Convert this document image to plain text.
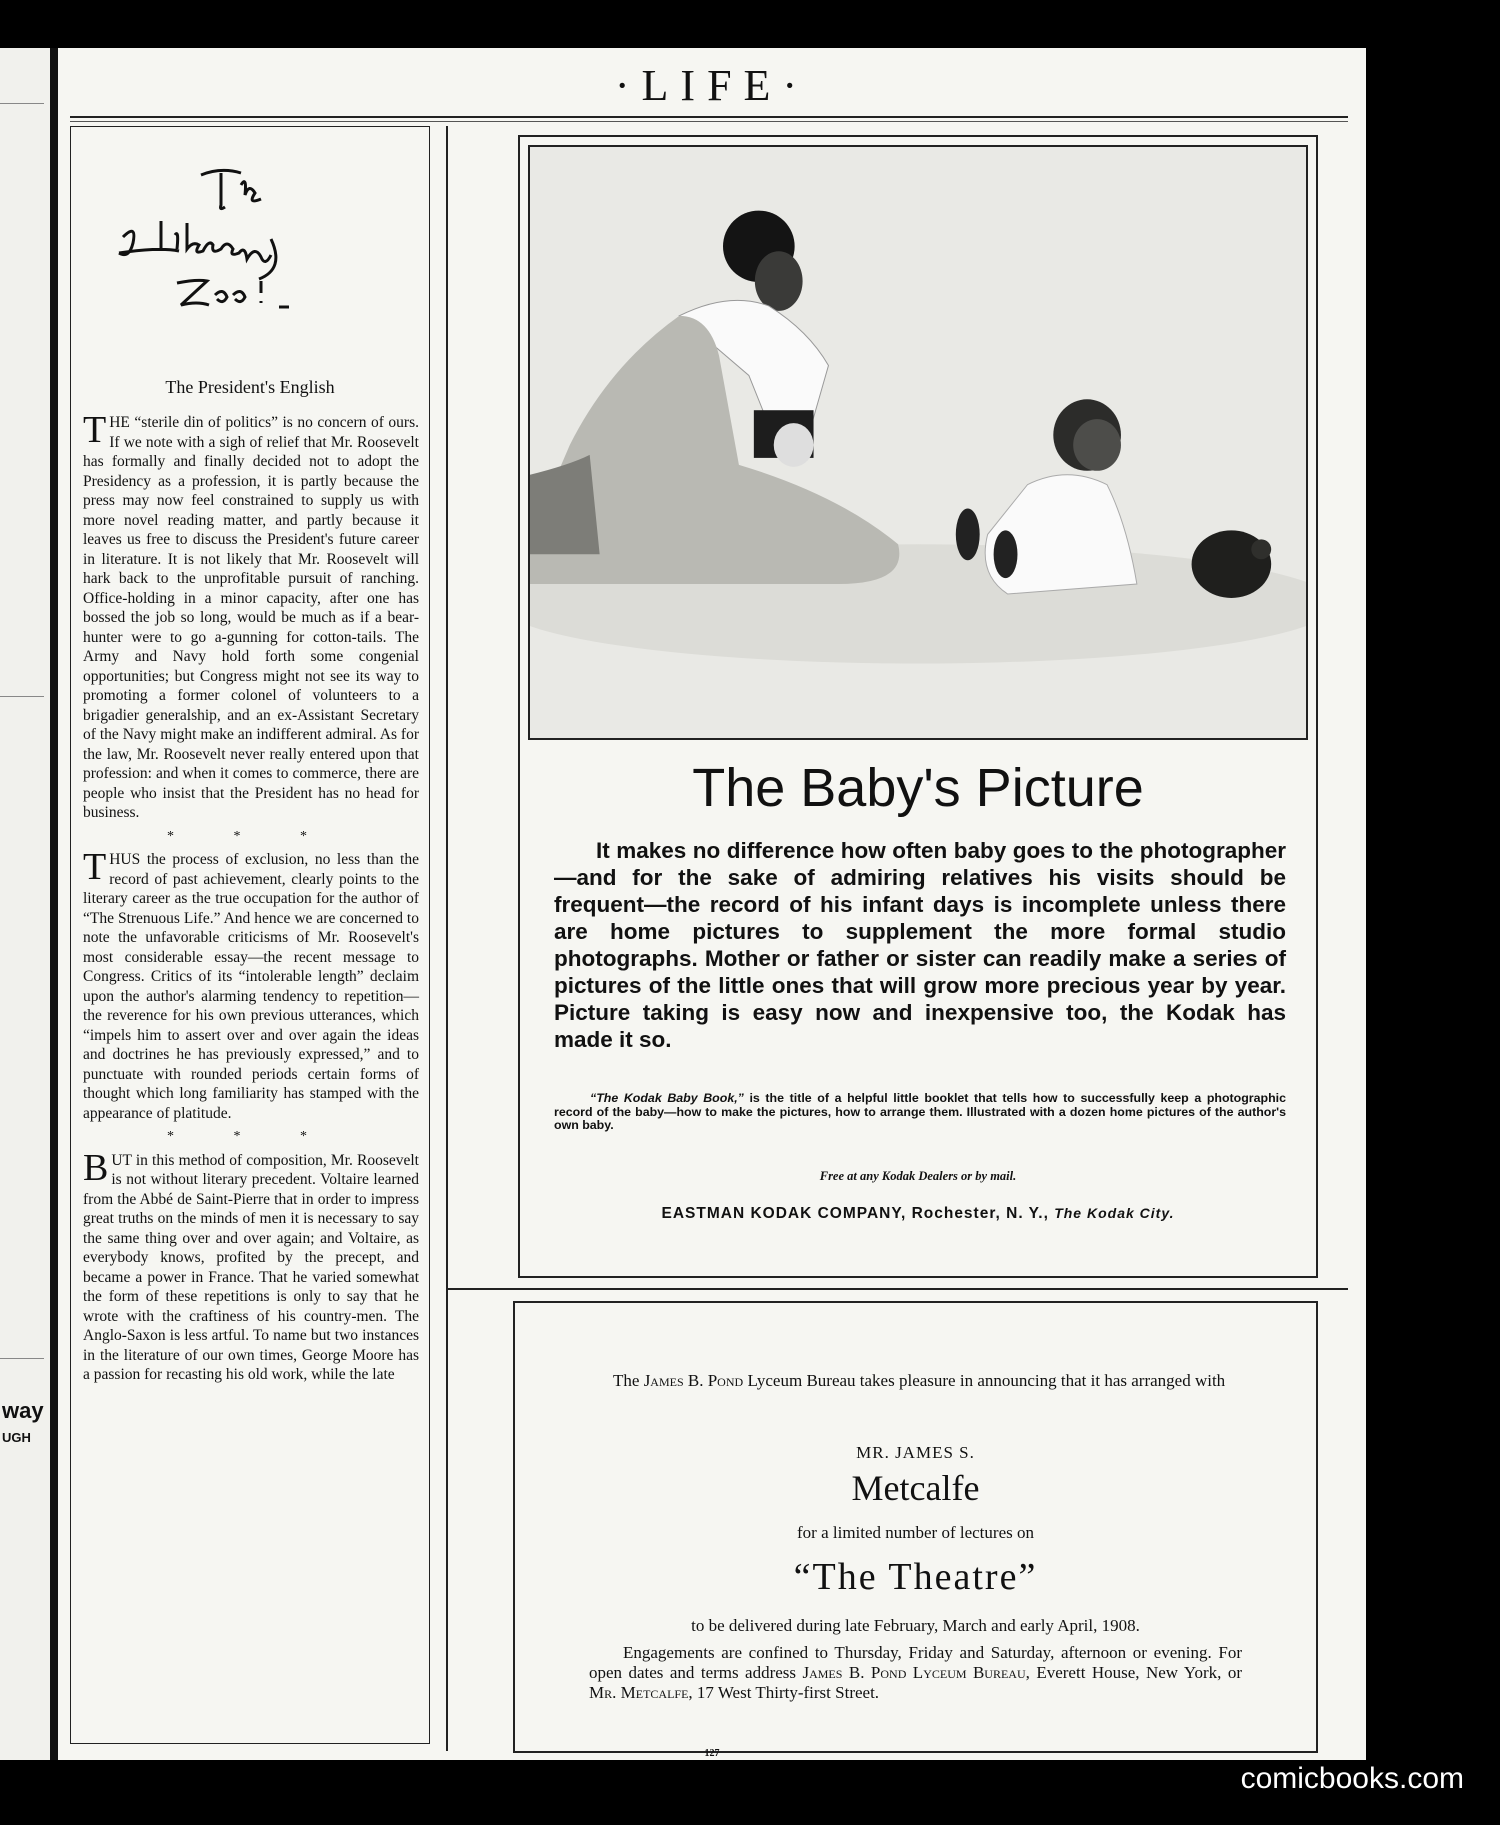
way
UGH
·LIFE·
The President's English

THE “sterile din of politics” is no concern of ours. If we note with a sigh of relief that Mr. Roosevelt has formally and finally decided not to adopt the Presidency as a profession, it is partly because the press may now feel constrained to supply us with more novel reading matter, and partly because it leaves us free to discuss the President's future career in literature. It is not likely that Mr. Roosevelt will hark back to the unprofitable pursuit of ranching. Office-holding in a minor capacity, after one has bossed the job so long, would be much as if a bear-hunter were to go a-gunning for cotton-tails. The Army and Navy hold forth some congenial opportunities; but Congress might not see its way to promoting a former colonel of volunteers to a brigadier generalship, and an ex-Assistant Secretary of the Navy might make an indifferent admiral. As for the law, Mr. Roosevelt never really entered upon that profession: and when it comes to commerce, there are people who insist that the President has no head for business.

* * *

THUS the process of exclusion, no less than the record of past achievement, clearly points to the literary career as the true occupation for the author of “The Strenuous Life.” And hence we are concerned to note the unfavorable criticisms of Mr. Roosevelt's most considerable essay—the recent message to Congress. Critics of its “intolerable length” declaim upon the author's alarming tendency to repetition—the reverence for his own previous utterances, which “impels him to assert over and over again the ideas and doctrines he has previously expressed,” and to punctuate with rounded periods certain forms of thought which long familiarity has stamped with the appearance of platitude.

* * *

BUT in this method of composition, Mr. Roosevelt is not without literary precedent. Voltaire learned from the Abbé de Saint-Pierre that in order to impress great truths on the minds of men it is necessary to say the same thing over and over again; and Voltaire, as everybody knows, profited by the precept, and became a power in France. That he varied somewhat the form of these repetitions is only to say that he wrote with the craftiness of his country-men. The Anglo-Saxon is less artful. To name but two instances in the literature of our own times, George Moore has a passion for recasting his old work, while the late

The Baby's Picture

It makes no difference how often baby goes to the photographer—and for the sake of admiring relatives his visits should be frequent—the record of his infant days is incomplete unless there are home pictures to supplement the more formal studio photographs. Mother or father or sister can readily make a series of pictures of the little ones that will grow more precious year by year. Picture taking is easy now and inexpensive too, the Kodak has made it so.

“The Kodak Baby Book,” is the title of a helpful little booklet that tells how to successfully keep a photographic record of the baby—how to make the pictures, how to arrange them. Illustrated with a dozen home pictures of the author's own baby.

Free at any Kodak Dealers or by mail.
EASTMAN KODAK COMPANY, Rochester, N. Y., The Kodak City.

The James B. Pond Lyceum Bureau takes pleasure in announcing that it has arranged with

MR. JAMES S.
Metcalfe
for a limited number of lectures on
“The Theatre”
to be delivered during late February, March and early April, 1908.

Engagements are confined to Thursday, Friday and Saturday, afternoon or evening. For open dates and terms address James B. Pond Lyceum Bureau, Everett House, New York, or Mr. Metcalfe, 17 West Thirty-first Street.

127
comicbooks.com
